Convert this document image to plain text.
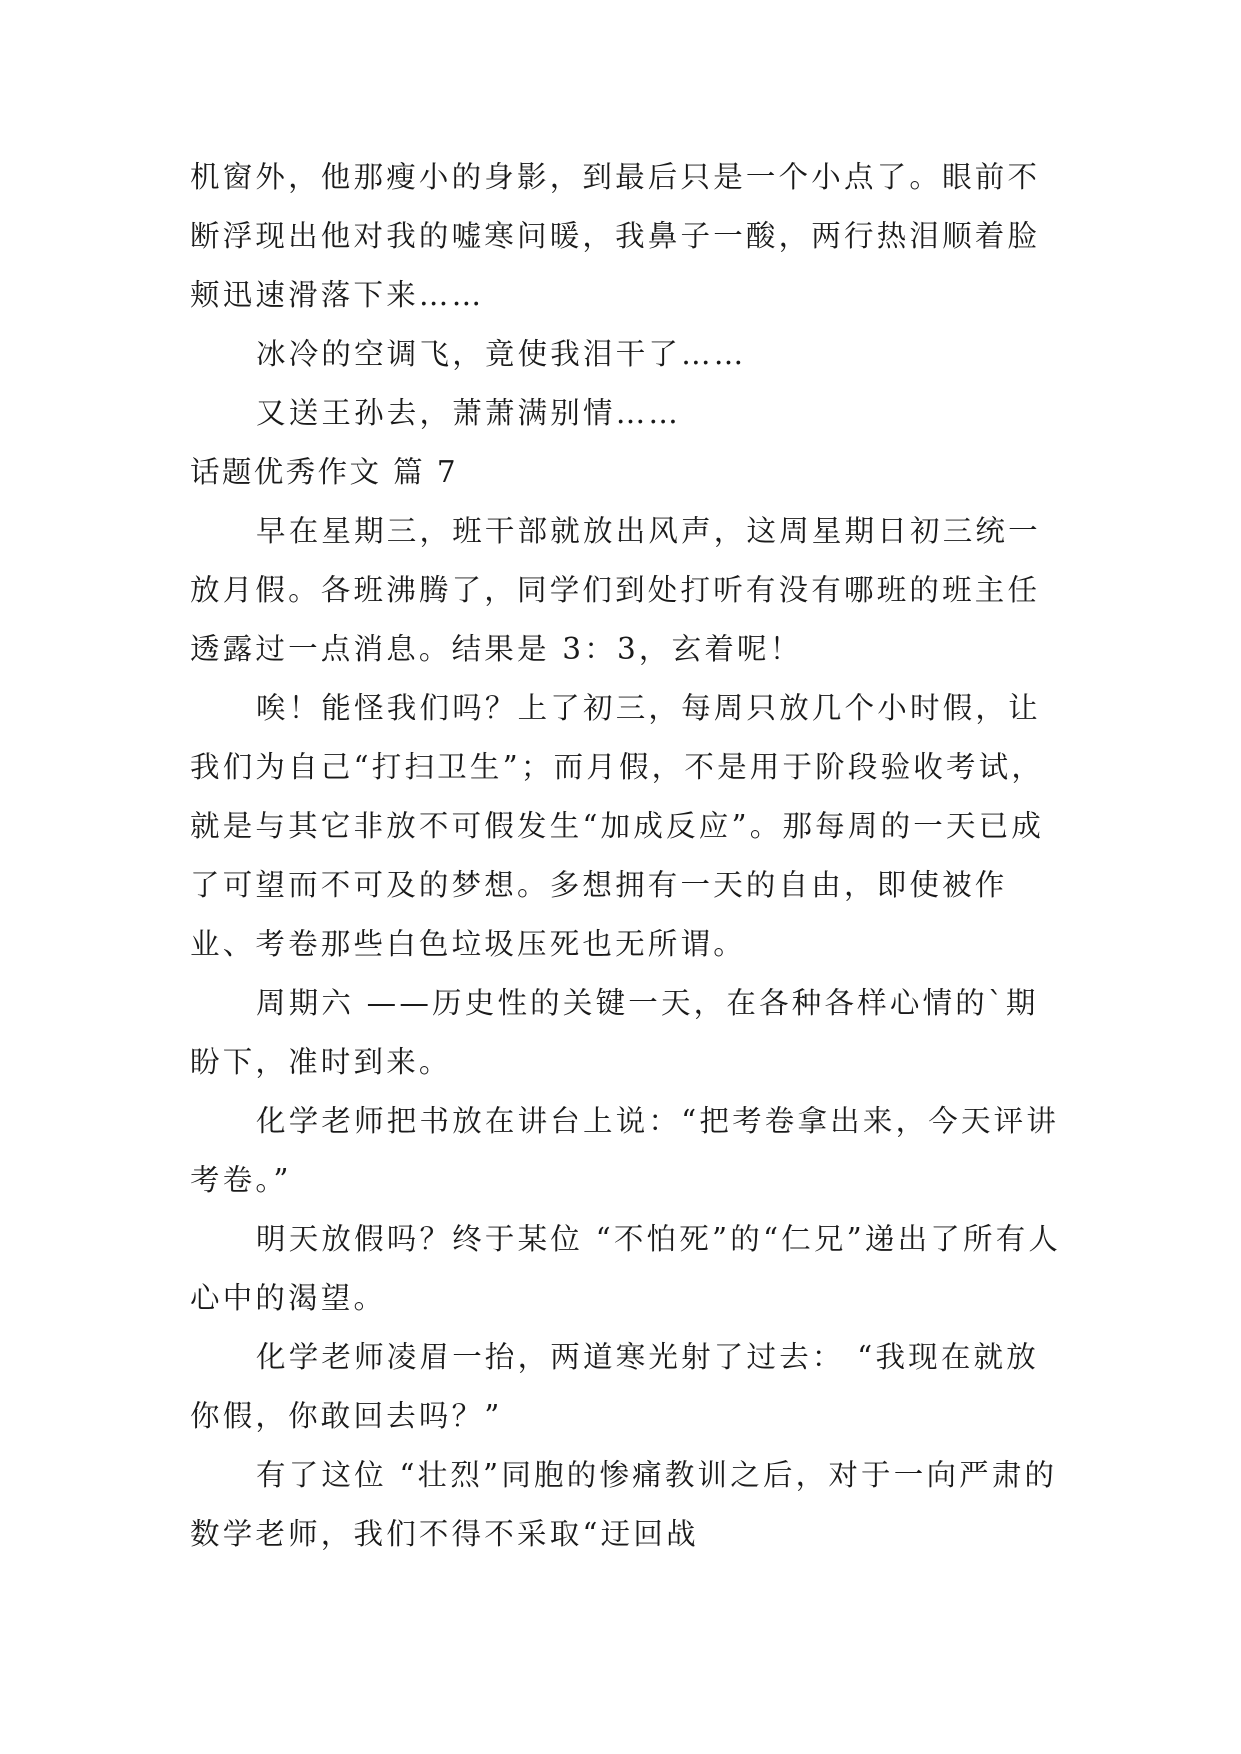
机窗外，他那瘦小的身影，到最后只是一个小点了。眼前不断浮现出他对我的嘘寒问暖，我鼻子一酸，两行热泪顺着脸颊迅速滑落下来……

冰冷的空调飞，竟使我泪干了……

又送王孙去，萧萧满别情……

话题优秀作文 篇 7

早在星期三，班干部就放出风声，这周星期日初三统一放月假。各班沸腾了，同学们到处打听有没有哪班的班主任透露过一点消息。结果是 3：3，玄着呢！

唉！能怪我们吗？上了初三，每周只放几个小时假，让我们为自己“打扫卫生”；而月假，不是用于阶段验收考试，就是与其它非放不可假发生“加成反应”。那每周的一天已成了可望而不可及的梦想。多想拥有一天的自由，即使被作业、考卷那些白色垃圾压死也无所谓。

周期六 ——历史性的关键一天，在各种各样心情的`期盼下，准时到来。

化学老师把书放在讲台上说：“把考卷拿出来，今天评讲考卷。”

明天放假吗？终于某位 “不怕死”的“仁兄”递出了所有人心中的渴望。

化学老师凌眉一抬，两道寒光射了过去： “我现在就放你假，你敢回去吗？”

有了这位 “壮烈”同胞的惨痛教训之后，对于一向严肃的数学老师，我们不得不采取“迂回战
